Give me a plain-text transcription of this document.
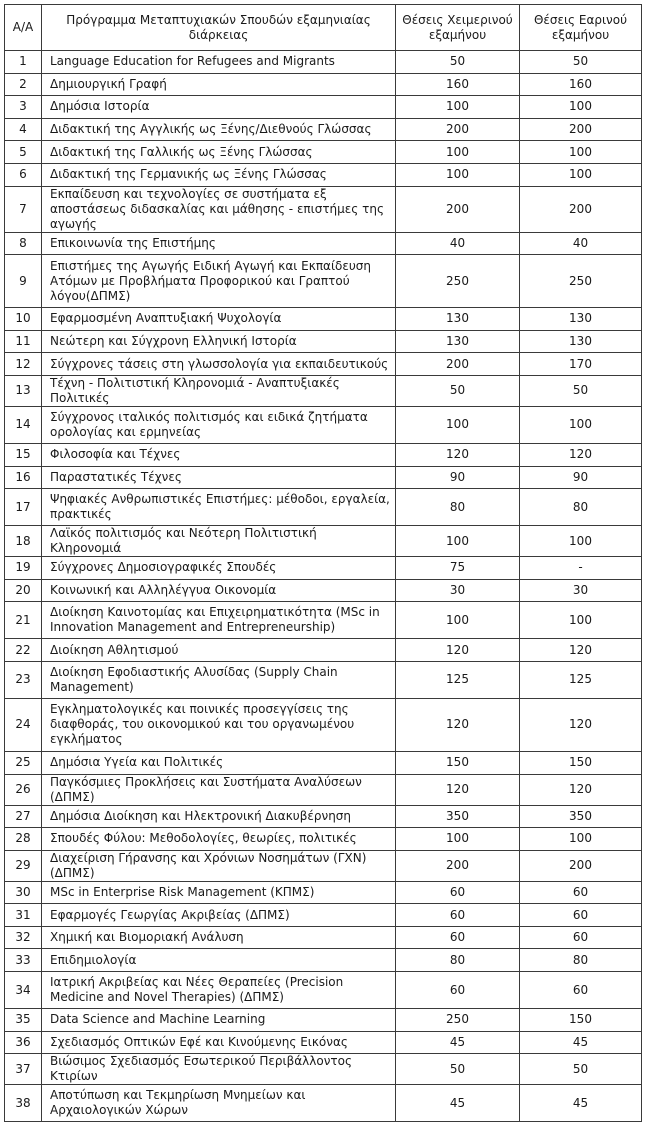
Α/Α	Πρόγραμμα Μεταπτυχιακών Σπουδών εξαμηνιαίας διάρκειας	Θέσεις Χειμερινού εξαμήνου	Θέσεις Εαρινού εξαμήνου
1	Language Education for Refugees and Migrants	50	50
2	Δημιουργική Γραφή	160	160
3	Δημόσια Ιστορία	100	100
4	Διδακτική της Αγγλικής ως Ξένης/Διεθνούς Γλώσσας	200	200
5	Διδακτική της Γαλλικής ως Ξένης Γλώσσας	100	100
6	Διδακτική της Γερμανικής ως Ξένης Γλώσσας	100	100
7	Εκπαίδευση και τεχνολογίες σε συστήματα εξ αποστάσεως διδασκαλίας και μάθησης - επιστήμες της αγωγής	200	200
8	Επικοινωνία της Επιστήμης	40	40
9	Επιστήμες της Αγωγής Ειδική Αγωγή και Εκπαίδευση Ατόμων με Προβλήματα Προφορικού και Γραπτού λόγου(ΔΠΜΣ)	250	250
10	Εφαρμοσμένη Αναπτυξιακή Ψυχολογία	130	130
11	Νεώτερη και Σύγχρονη Ελληνική Ιστορία	130	130
12	Σύγχρονες τάσεις στη γλωσσολογία για εκπαιδευτικούς	200	170
13	Τέχνη - Πολιτιστική Κληρονομιά - Αναπτυξιακές Πολιτικές	50	50
14	Σύγχρονος ιταλικός πολιτισμός και ειδικά ζητήματα ορολογίας και ερμηνείας	100	100
15	Φιλοσοφία και Τέχνες	120	120
16	Παραστατικές Τέχνες	90	90
17	Ψηφιακές Ανθρωπιστικές Επιστήμες: μέθοδοι, εργαλεία, πρακτικές	80	80
18	Λαϊκός πολιτισμός και Νεότερη Πολιτιστική Κληρονομιά	100	100
19	Σύγχρονες Δημοσιογραφικές Σπουδές	75	-
20	Κοινωνική και Αλληλέγγυα Οικονομία	30	30
21	Διοίκηση Καινοτομίας και Επιχειρηματικότητα (MSc in Innovation Management and Entrepreneurship)	100	100
22	Διοίκηση Αθλητισμού	120	120
23	Διοίκηση Εφοδιαστικής Αλυσίδας (Supply Chain Management)	125	125
24	Εγκληματολογικές και ποινικές προσεγγίσεις της διαφθοράς, του οικονομικού και του οργανωμένου εγκλήματος	120	120
25	Δημόσια Υγεία και Πολιτικές	150	150
26	Παγκόσμιες Προκλήσεις και Συστήματα Αναλύσεων (ΔΠΜΣ)	120	120
27	Δημόσια Διοίκηση και Ηλεκτρονική Διακυβέρνηση	350	350
28	Σπουδές Φύλου: Μεθοδολογίες, θεωρίες, πολιτικές	100	100
29	Διαχείριση Γήρανσης και Χρόνιων Νοσημάτων (ΓΧΝ)(ΔΠΜΣ)	200	200
30	MSc in Enterprise Risk Management (ΚΠΜΣ)	60	60
31	Εφαρμογές Γεωργίας Ακριβείας (ΔΠΜΣ)	60	60
32	Χημική και Βιομοριακή Ανάλυση	60	60
33	Επιδημιολογία	80	80
34	Ιατρική Ακριβείας και Νέες Θεραπείες (Precision Medicine and Novel Therapies) (ΔΠΜΣ)	60	60
35	Data Science and Machine Learning	250	150
36	Σχεδιασμός Οπτικών Εφέ και Κινούμενης Εικόνας	45	45
37	Βιώσιμος Σχεδιασμός Εσωτερικού Περιβάλλοντος Κτιρίων	50	50
38	Αποτύπωση και Τεκμηρίωση Μνημείων και Αρχαιολογικών Χώρων	45	45
